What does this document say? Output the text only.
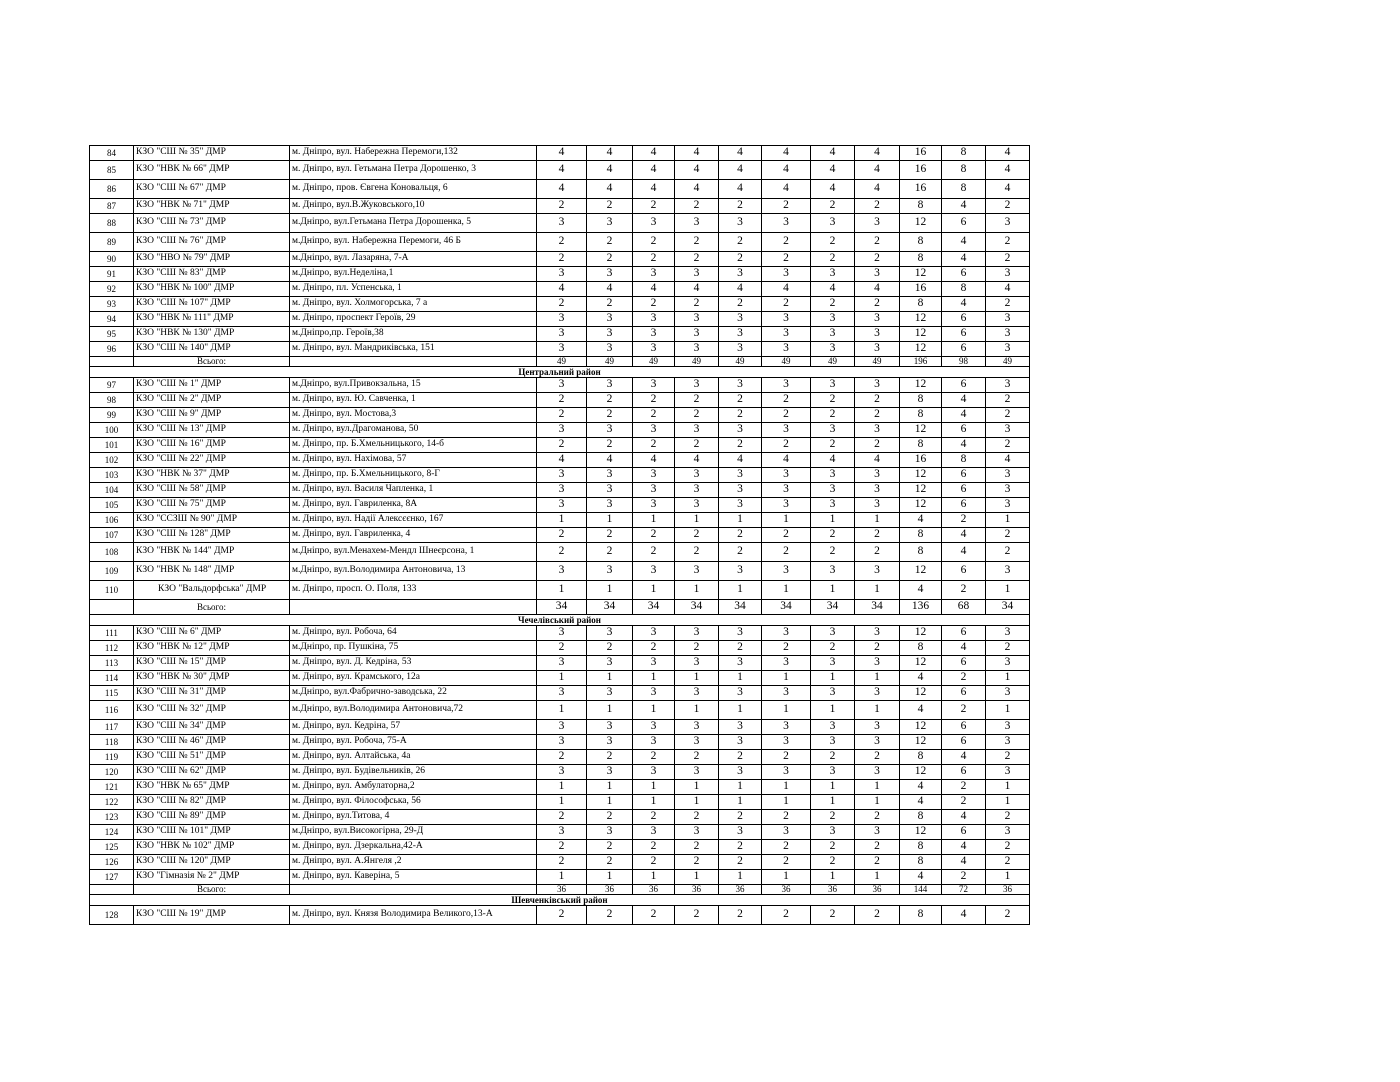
84	КЗО "СШ № 35" ДМР	м. Дніпро, вул. Набережна Перемоги,132	4	4	4	4	4	4	4	4	16	8	4
85	КЗО "НВК № 66" ДМР	м. Дніпро, вул. Гетьмана Петра Дорошенко, 3	4	4	4	4	4	4	4	4	16	8	4
86	КЗО "СШ № 67" ДМР	м. Дніпро, пров. Євгена Коновальця, 6	4	4	4	4	4	4	4	4	16	8	4
87	КЗО "НВК № 71" ДМР	м. Дніпро, вул.В.Жуковського,10	2	2	2	2	2	2	2	2	8	4	2
88	КЗО "СШ № 73" ДМР	м.Дніпро, вул.Гетьмана Петра Дорошенка, 5	3	3	3	3	3	3	3	3	12	6	3
89	КЗО "СШ № 76" ДМР	м.Дніпро, вул. Набережна Перемоги, 46 Б	2	2	2	2	2	2	2	2	8	4	2
90	КЗО "НВО № 79" ДМР	м.Дніпро, вул. Лазаряна, 7-А	2	2	2	2	2	2	2	2	8	4	2
91	КЗО "СШ № 83" ДМР	м.Дніпро, вул.Неделіна,1	3	3	3	3	3	3	3	3	12	6	3
92	КЗО "НВК № 100" ДМР	м. Дніпро, пл. Успенська, 1	4	4	4	4	4	4	4	4	16	8	4
93	КЗО "СШ № 107" ДМР	м. Дніпро, вул. Холмогорська, 7 а	2	2	2	2	2	2	2	2	8	4	2
94	КЗО "НВК № 111" ДМР	м. Дніпро, проспект Героїв, 29	3	3	3	3	3	3	3	3	12	6	3
95	КЗО "НВК № 130" ДМР	м.Дніпро,пр. Героїв,38	3	3	3	3	3	3	3	3	12	6	3
96	КЗО "СШ № 140" ДМР	м. Дніпро, вул. Мандриківська, 151	3	3	3	3	3	3	3	3	12	6	3
	Всього:		49	49	49	49	49	49	49	49	196	98	49
Центральний район													
97	КЗО "СШ № 1" ДМР	м.Дніпро, вул.Привокзальна, 15	3	3	3	3	3	3	3	3	12	6	3
98	КЗО "СШ № 2" ДМР	м. Дніпро, вул. Ю. Савченка, 1	2	2	2	2	2	2	2	2	8	4	2
99	КЗО "СШ № 9" ДМР	м. Дніпро, вул. Мостова,3	2	2	2	2	2	2	2	2	8	4	2
100	КЗО "СШ № 13" ДМР	м. Дніпро, вул.Драгоманова, 50	3	3	3	3	3	3	3	3	12	6	3
101	КЗО "СШ № 16" ДМР	м. Дніпро, пр. Б.Хмельницького, 14-б	2	2	2	2	2	2	2	2	8	4	2
102	КЗО "СШ № 22" ДМР	м. Дніпро, вул. Нахімова, 57	4	4	4	4	4	4	4	4	16	8	4
103	КЗО "НВК № 37" ДМР	м. Дніпро, пр. Б.Хмельницького, 8-Г	3	3	3	3	3	3	3	3	12	6	3
104	КЗО "СШ № 58" ДМР	м. Дніпро, вул. Василя Чапленка, 1	3	3	3	3	3	3	3	3	12	6	3
105	КЗО "СШ № 75" ДМР	м. Дніпро, вул. Гавриленка, 8А	3	3	3	3	3	3	3	3	12	6	3
106	КЗО "ССЗШ № 90" ДМР	м. Дніпро, вул. Надії Алексєєнко, 167	1	1	1	1	1	1	1	1	4	2	1
107	КЗО "СШ № 128" ДМР	м. Дніпро, вул. Гавриленка, 4	2	2	2	2	2	2	2	2	8	4	2
108	КЗО "НВК № 144" ДМР	м.Дніпро, вул.Менахем-Мендл Шнеєрсона, 1	2	2	2	2	2	2	2	2	8	4	2
109	КЗО "НВК № 148" ДМР	м.Дніпро, вул.Володимира Антоновича, 13	3	3	3	3	3	3	3	3	12	6	3
110	КЗО "Вальдорфська" ДМР	м. Дніпро, просп. О. Поля, 133	1	1	1	1	1	1	1	1	4	2	1
	Всього:		34	34	34	34	34	34	34	34	136	68	34
Чечелівський район													
111	КЗО "СШ № 6" ДМР	м. Дніпро, вул. Робоча, 64	3	3	3	3	3	3	3	3	12	6	3
112	КЗО "НВК № 12" ДМР	м.Дніпро, пр. Пушкіна, 75	2	2	2	2	2	2	2	2	8	4	2
113	КЗО "СШ № 15" ДМР	м. Дніпро, вул. Д. Кедріна, 53	3	3	3	3	3	3	3	3	12	6	3
114	КЗО "НВК № 30" ДМР	м. Дніпро, вул. Крамського, 12а	1	1	1	1	1	1	1	1	4	2	1
115	КЗО "СШ № 31" ДМР	м.Дніпро, вул.Фабрично-заводська, 22	3	3	3	3	3	3	3	3	12	6	3
116	КЗО "СШ № 32" ДМР	м.Дніпро, вул.Володимира Антоновича,72	1	1	1	1	1	1	1	1	4	2	1
117	КЗО "СШ № 34" ДМР	м. Дніпро, вул. Кедріна, 57	3	3	3	3	3	3	3	3	12	6	3
118	КЗО "СШ № 46" ДМР	м. Дніпро, вул. Робоча, 75-А	3	3	3	3	3	3	3	3	12	6	3
119	КЗО "СШ № 51" ДМР	м. Дніпро, вул. Алтайська, 4а	2	2	2	2	2	2	2	2	8	4	2
120	КЗО "СШ № 62" ДМР	м. Дніпро, вул. Будівельників, 26	3	3	3	3	3	3	3	3	12	6	3
121	КЗО "НВК № 65" ДМР	м. Дніпро, вул. Амбулаторна,2	1	1	1	1	1	1	1	1	4	2	1
122	КЗО "СШ № 82" ДМР	м. Дніпро, вул. Філософська, 56	1	1	1	1	1	1	1	1	4	2	1
123	КЗО "СШ № 89" ДМР	м. Дніпро, вул.Титова, 4	2	2	2	2	2	2	2	2	8	4	2
124	КЗО "СШ № 101" ДМР	м.Дніпро, вул.Високогірна, 29-Д	3	3	3	3	3	3	3	3	12	6	3
125	КЗО "НВК № 102" ДМР	м. Дніпро, вул. Дзеркальна,42-А	2	2	2	2	2	2	2	2	8	4	2
126	КЗО "СШ № 120" ДМР	м. Дніпро, вул. А.Янгеля ,2	2	2	2	2	2	2	2	2	8	4	2
127	КЗО "Гімназія № 2" ДМР	м. Дніпро, вул. Каверіна, 5	1	1	1	1	1	1	1	1	4	2	1
	Всього:		36	36	36	36	36	36	36	36	144	72	36
Шевченківський район													
128	КЗО "СШ № 19" ДМР	м. Дніпро, вул. Князя Володимира Великого,13-А	2	2	2	2	2	2	2	2	8	4	2
